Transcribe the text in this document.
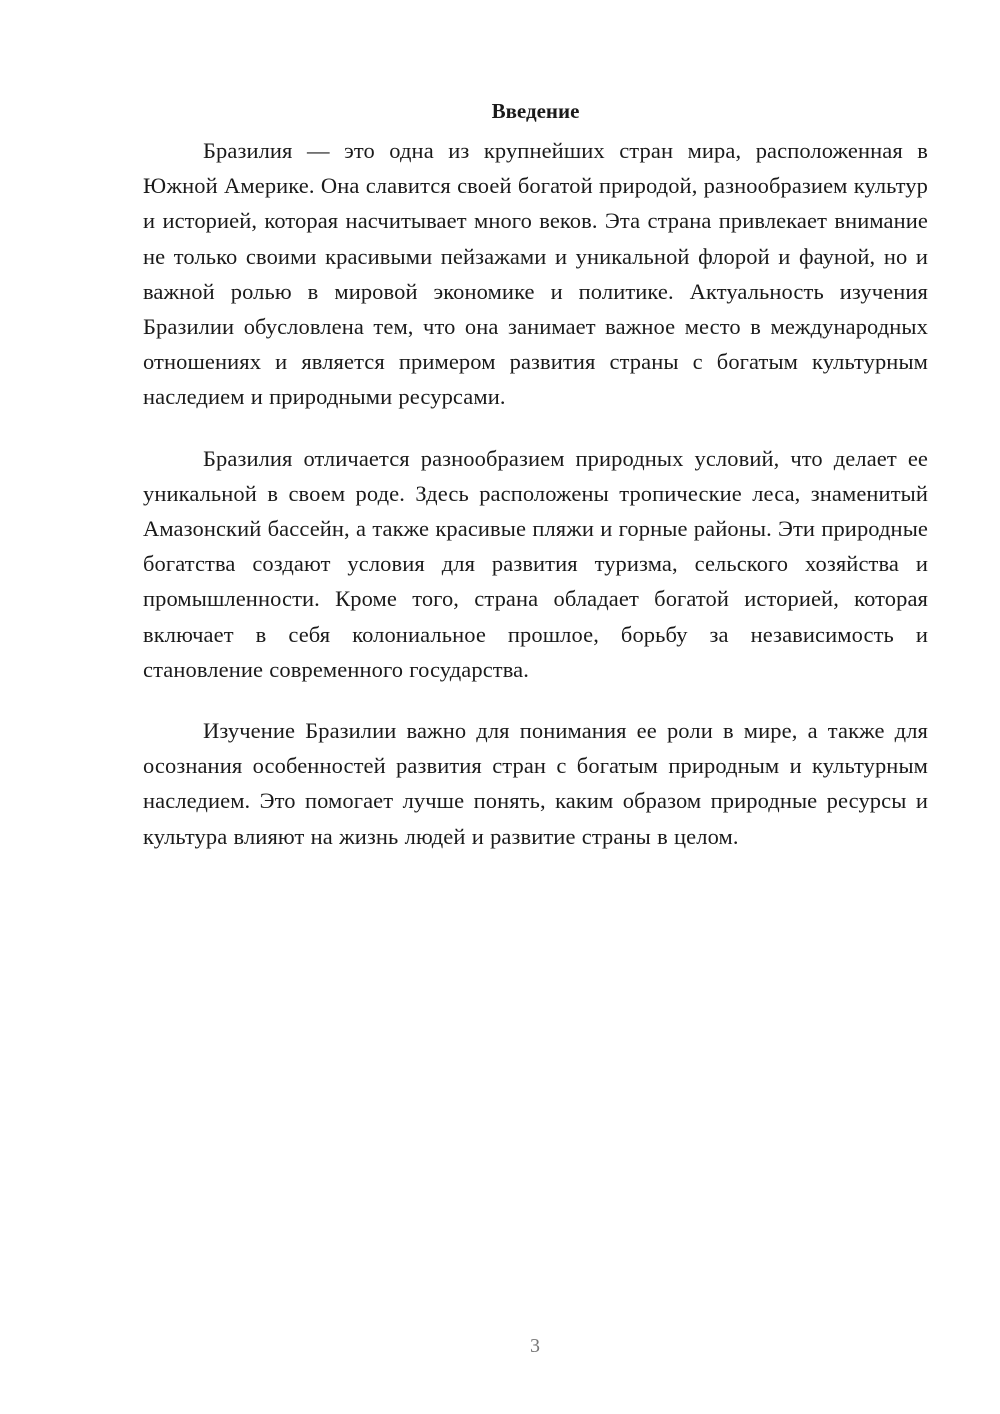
Введение

Бразилия — это одна из крупнейших стран мира, расположенная в Южной Америке. Она славится своей богатой природой, разнообразием культур и историей, которая насчитывает много веков. Эта страна привлекает внимание не только своими красивыми пейзажами и уникальной флорой и фауной, но и важной ролью в мировой экономике и политике. Актуальность изучения Бразилии обусловлена тем, что она занимает важное место в международных отношениях и является примером развития страны с богатым культурным наследием и природными ресурсами.

Бразилия отличается разнообразием природных условий, что делает ее уникальной в своем роде. Здесь расположены тропические леса, знаменитый Амазонский бассейн, а также красивые пляжи и горные районы. Эти природные богатства создают условия для развития туризма, сельского хозяйства и промышленности. Кроме того, страна обладает богатой историей, которая включает в себя колониальное прошлое, борьбу за независимость и становление современного государства.

Изучение Бразилии важно для понимания ее роли в мире, а также для осознания особенностей развития стран с богатым природным и культурным наследием. Это помогает лучше понять, каким образом природные ресурсы и культура влияют на жизнь людей и развитие страны в целом.

3
